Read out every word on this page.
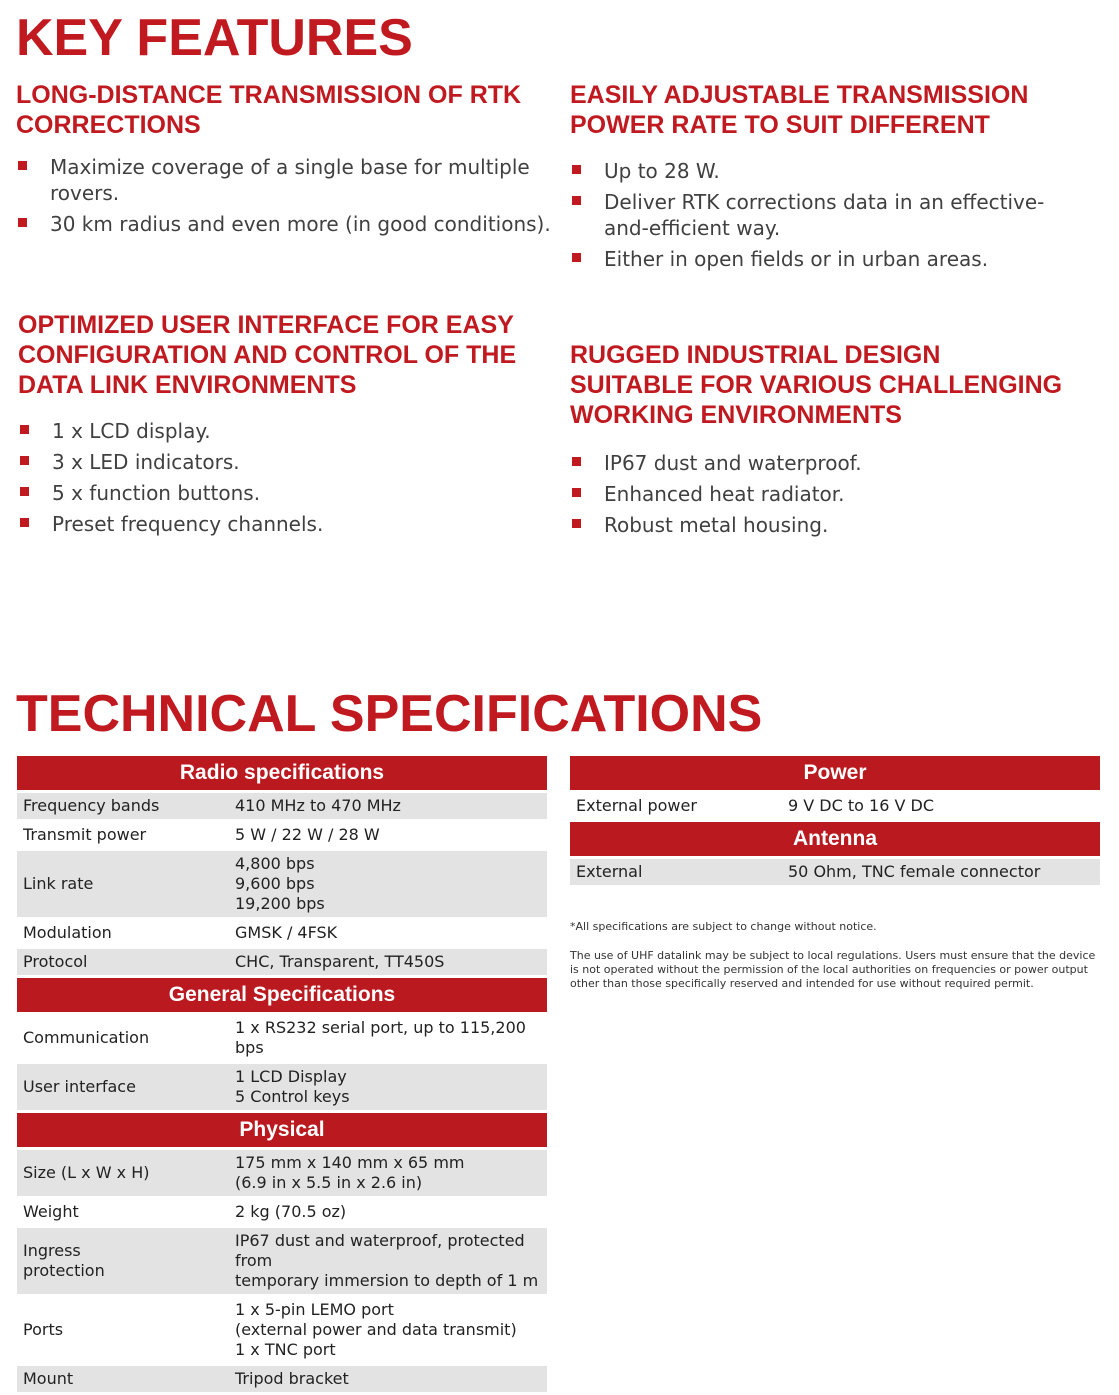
KEY FEATURES
TECHNICAL SPECIFICATIONS
LONG-DISTANCE TRANSMISSION OF RTK CORRECTIONS
Maximize coverage of a single base for multiple rovers.
30 km radius and even more (in good conditions).
EASILY ADJUSTABLE TRANSMISSION POWER RATE TO SUIT DIFFERENT
Up to 28 W.
Deliver RTK corrections data in an effective-and-efficient way.
Either in open fields or in urban areas.
OPTIMIZED USER INTERFACE FOR EASY CONFIGURATION AND CONTROL OF THE DATA LINK ENVIRONMENTS
1 x LCD display.
3 x LED indicators.
5 x function buttons.
Preset frequency channels.
RUGGED INDUSTRIAL DESIGN SUITABLE FOR VARIOUS CHALLENGING WORKING ENVIRONMENTS
IP67 dust and waterproof.
Enhanced heat radiator.
Robust metal housing.
Radio specifications	
Frequency bands	410 MHz to 470 MHz
Transmit power	5 W / 22 W / 28 W
Link rate	4,800 bps
9,600 bps
19,200 bps

Modulation	GMSK / 4FSK
Protocol	CHC, Transparent, TT450S
General Specifications	
Communication	1 x RS232 serial port, up to 115,200 bps
User interface	1 LCD Display
5 Control keys

Physical	
Size (L x W x H)	175 mm x 140 mm x 65 mm
(6.9 in x 5.5 in x 2.6 in)

Weight	2 kg (70.5 oz)

Ingress
protection	IP67 dust and waterproof, protected from
temporary immersion to depth of 1 m

Ports	1 x 5-pin LEMO port
(external power and data transmit)
1 x TNC port

Mount	Tripod bracket
Power	
External power	9 V DC to 16 V DC
Antenna	
External	50 Ohm, TNC female connector
*All specifications are subject to change without notice.
The use of UHF datalink may be subject to local regulations. Users must ensure that the device is not operated without the permission of the local authorities on frequencies or power output other than those specifically reserved and intended for use without required permit.
